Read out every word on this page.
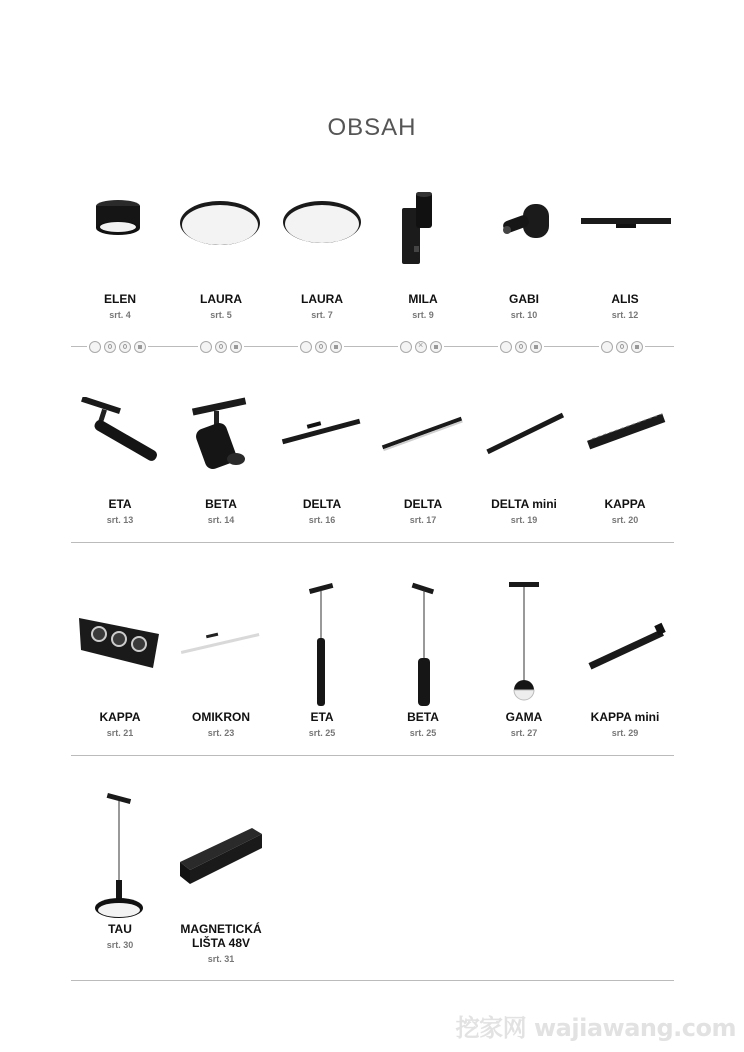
OBSAH
ELEN
srt. 4
LAURA
srt. 5
LAURA
srt. 7
MILA
srt. 9
GABI
srt. 10
ALIS
srt. 12
×
ETA
srt. 13
BETA
srt. 14
DELTA
srt. 16
DELTA
srt. 17
DELTA mini
srt. 19
KAPPA
srt. 20
KAPPA
srt. 21
OMIKRON
srt. 23
ETA
srt. 25
BETA
srt. 25
GAMA
srt. 27
KAPPA mini
srt. 29
TAU
srt. 30
MAGNETICKÁ
LIŠTA 48V
srt. 31
挖家网 wajiawang.com
